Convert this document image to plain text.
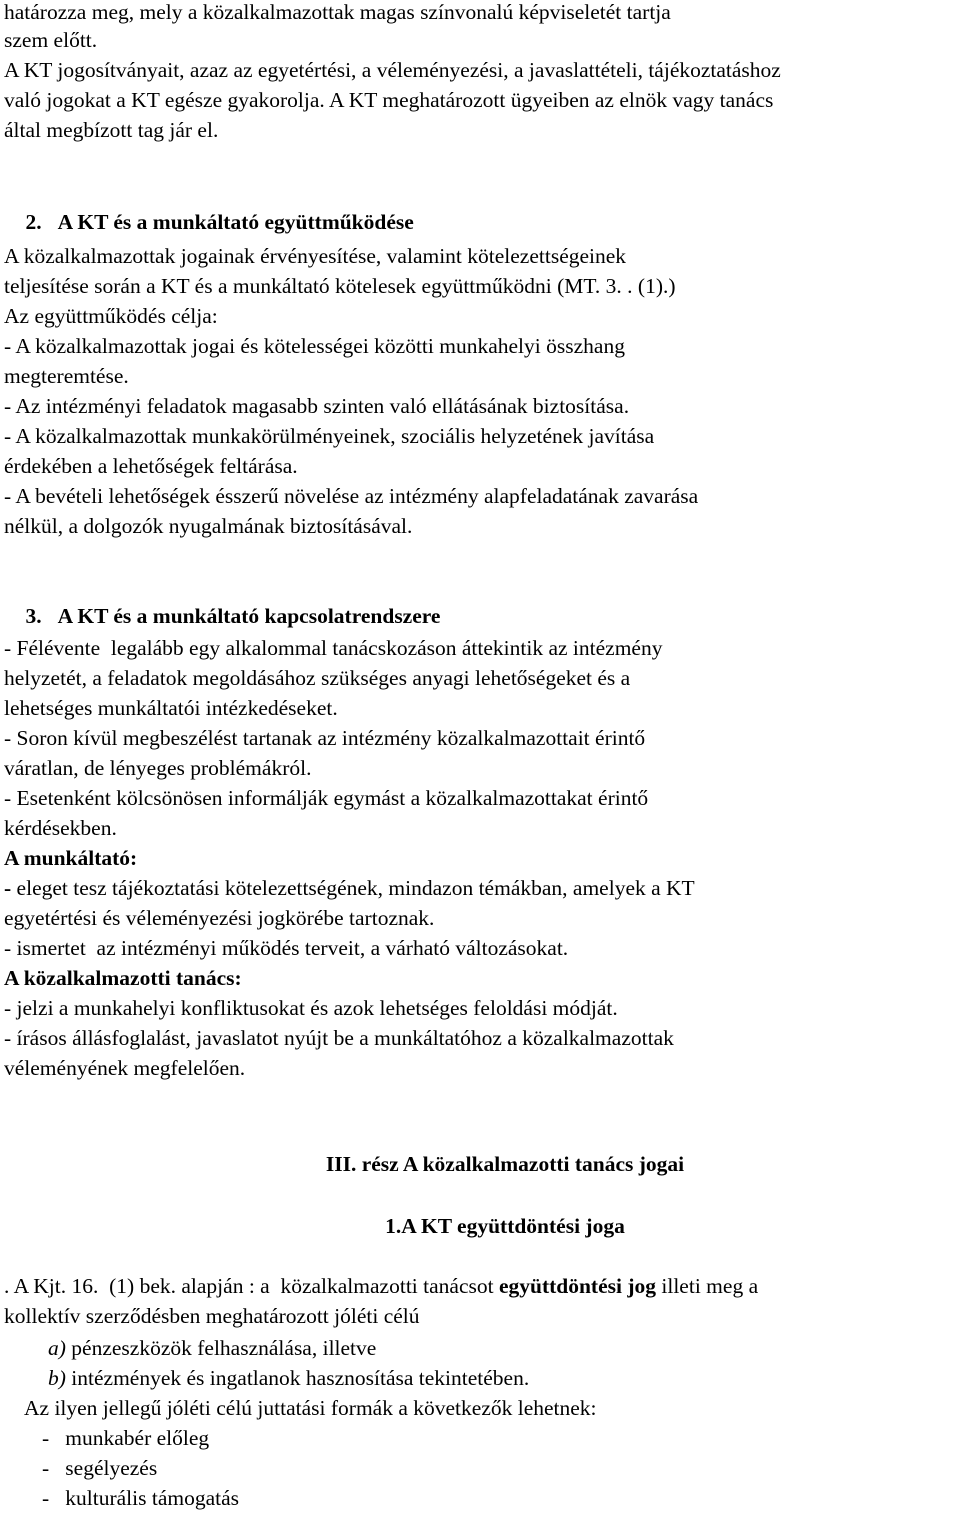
határozza meg, mely a közalkalmazottak magas színvonalú képviseletét tartja
szem előtt.
A KT jogosítványait, azaz az egyetértési, a véleményezési, a javaslattételi, tájékoztatáshoz
való jogokat a KT egésze gyakorolja. A KT meghatározott ügyeiben az elnök vagy tanács
által megbízott tag jár el.

2. A KT és a munkáltató együttműködése

A közalkalmazottak jogainak érvényesítése, valamint kötelezettségeinek
teljesítése során a KT és a munkáltató kötelesek együttműködni (MT. 3. . (1).)
Az együttműködés célja:
- A közalkalmazottak jogai és kötelességei közötti munkahelyi összhang
megteremtése.
- Az intézményi feladatok magasabb szinten való ellátásának biztosítása.
- A közalkalmazottak munkakörülményeinek, szociális helyzetének javítása
érdekében a lehetőségek feltárása.
- A bevételi lehetőségek ésszerű növelése az intézmény alapfeladatának zavarása
nélkül, a dolgozók nyugalmának biztosításával.

3. A KT és a munkáltató kapcsolatrendszere

- Félévente  legalább egy alkalommal tanácskozáson áttekintik az intézmény
helyzetét, a feladatok megoldásához szükséges anyagi lehetőségeket és a
lehetséges munkáltatói intézkedéseket.
- Soron kívül megbeszélést tartanak az intézmény közalkalmazottait érintő
váratlan, de lényeges problémákról.
- Esetenként kölcsönösen informálják egymást a közalkalmazottakat érintő
kérdésekben.
A munkáltató:
- eleget tesz tájékoztatási kötelezettségének, mindazon témákban, amelyek a KT
egyetértési és véleményezési jogkörébe tartoznak.
- ismertet  az intézményi működés terveit, a várható változásokat.
A közalkalmazotti tanács:
- jelzi a munkahelyi konfliktusokat és azok lehetséges feloldási módját.
- írásos állásfoglalást, javaslatot nyújt be a munkáltatóhoz a közalkalmazottak
véleményének megfelelően.
III. rész A közalkalmazotti tanács jogai
1.A KT együttdöntési joga
. A Kjt. 16.  (1) bek. alapján : a  közalkalmazotti tanácsot együttdöntési jog illeti meg a
kollektív szerződésben meghatározott jóléti célú
a) pénzeszközök felhasználása, illetve
b) intézmények és ingatlanok hasznosítása tekintetében.
Az ilyen jellegű jóléti célú juttatási formák a következők lehetnek:
-   munkabér előleg
-   segélyezés
-   kulturális támogatás
